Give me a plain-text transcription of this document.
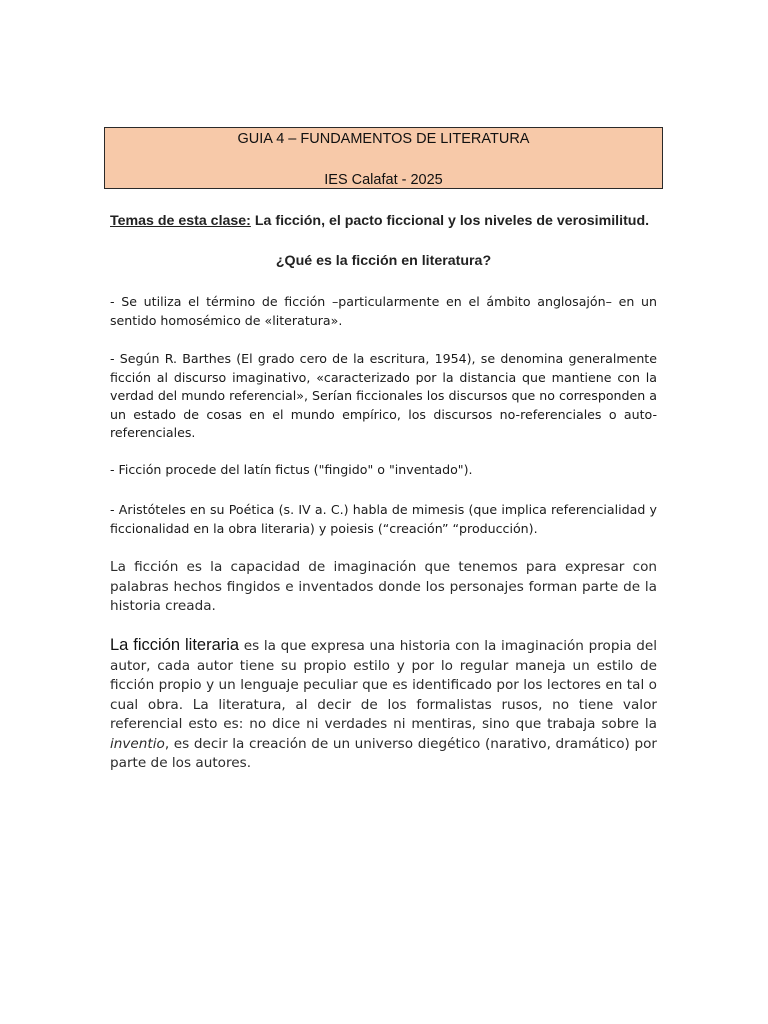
GUIA 4 – FUNDAMENTOS DE LITERATURA
IES Calafat - 2025
Temas de esta clase: La ficción, el pacto ficcional y los niveles de verosimilitud.
¿Qué es la ficción en literatura?
- Se utiliza el término de ficción –particularmente en el ámbito anglosajón– en un sentido homosémico de «literatura».
- Según R. Barthes (El grado cero de la escritura, 1954), se denomina generalmente ficción al discurso imaginativo, «caracterizado por la distancia que mantiene con la verdad del mundo referencial», Serían ficcionales los discursos que no corresponden a un estado de cosas en el mundo empírico, los discursos no-referenciales o auto-referenciales.
- Ficción procede del latín fictus ("fingido" o "inventado").
- Aristóteles en su Poética (s. IV a. C.) habla de mimesis (que implica referencialidad y ficcionalidad en la obra literaria) y poiesis (“creación” “producción).
La ficción es la capacidad de imaginación que tenemos para expresar con palabras hechos fingidos e inventados donde los personajes forman parte de la historia creada.
La ficción literaria es la que expresa una historia con la imaginación propia del autor, cada autor tiene su propio estilo y por lo regular maneja un estilo de ficción propio y un lenguaje peculiar que es identificado por los lectores en tal o cual obra. La literatura, al decir de los formalistas rusos, no tiene valor referencial esto es: no dice ni verdades ni mentiras, sino que trabaja sobre la inventio, es decir la creación de un universo diegético (narativo, dramático) por parte de los autores.
